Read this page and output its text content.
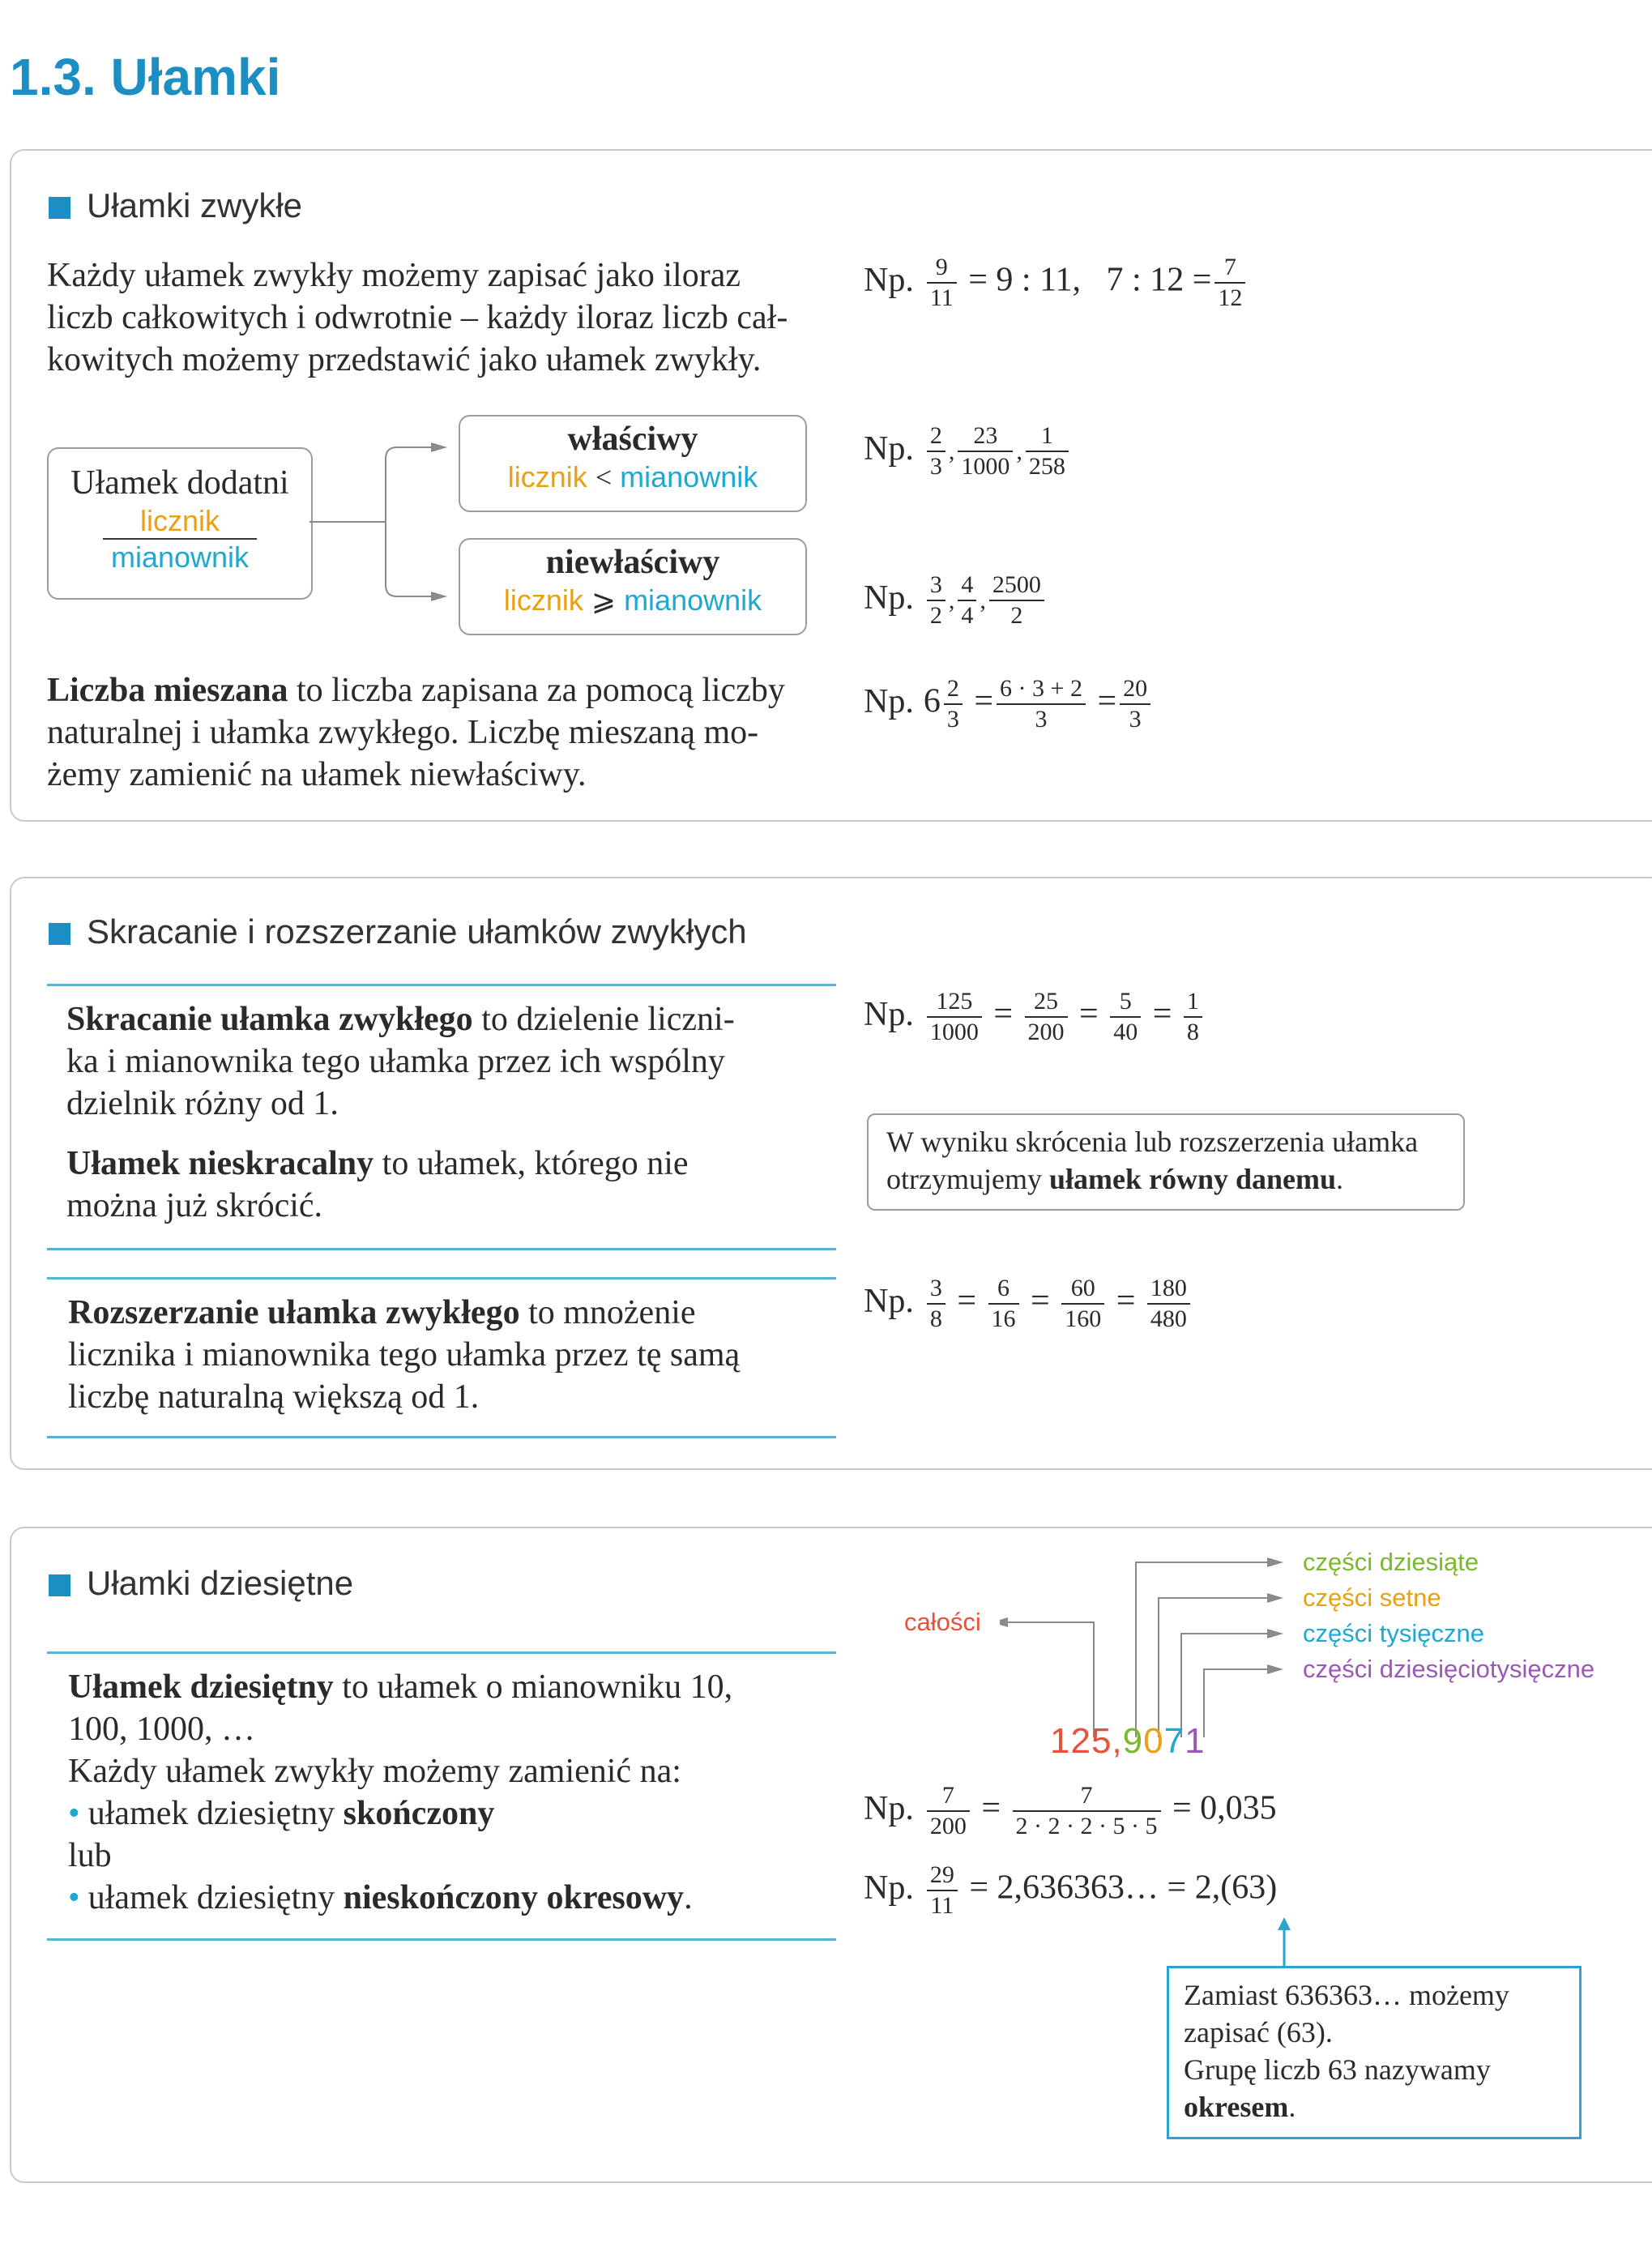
1.3. Ułamki
Ułamki zwykłe
Każdy ułamek zwykły możemy zapisać jako iloraz
liczb całkowitych i odwrotnie – każdy iloraz liczb cał-
kowitych możemy przedstawić jako ułamek zwykły.
Np. $\frac{9}{11} = 9$ : 11, 7 : $12 = \frac{7}{12}$
Ułamek dodatni
licznik
mianownik
właściwy
licznik < mianownik
niewłaściwy
licznik ⩾ mianownik
Np. $\frac{2}{3}$ , $\frac{23}{1000}$ , $\frac{1}{258}$
Np. $\frac{3}{2}$ , $\frac{4}{4}$ , $\frac{2500}{2}$
Liczba mieszana to liczba zapisana za pomocą liczby
naturalnej i ułamka zwykłego. Liczbę mieszaną mo-
żemy zamienić na ułamek niewłaściwy.
Np. $6 \frac{2}{3} = \frac{6 \cdot 3 + 2}{3} = \frac{20}{3}$
Skracanie i rozszerzanie ułamków zwykłych
Skracanie ułamka zwykłego to dzielenie liczni-
ka i mianownika tego ułamka przez ich wspólny
dzielnik różny od 1.
Ułamek nieskracalny to ułamek, którego nie
można już skrócić.
Rozszerzanie ułamka zwykłego to mnożenie
licznika i mianownika tego ułamka przez tę samą
liczbę naturalną większą od 1.
Np. $\frac{125}{1000} = \frac{25}{200} = \frac{5}{40} = \frac{1}{8}$
W wyniku skrócenia lub rozszerzenia ułamka
otrzymujemy ułamek równy danemu.
Np. $\frac{3}{8} = \frac{6}{16} = \frac{60}{160} = \frac{180}{480}$
Ułamki dziesiętne
Ułamek dziesiętny to ułamek o mianowniku 10,
100, 1000, …
Każdy ułamek zwykły możemy zamienić na:
• ułamek dziesiętny skończony
lub
• ułamek dziesiętny nieskończony okresowy.
całości
części dziesiąte
części setne
części tysięczne
części dziesięciotysięczne
125,9071
Np. $\frac{7}{200} = \frac{7}{2 \cdot 2 \cdot 2 \cdot 5 \cdot 5} = 0,035$
Np. $\frac{29}{11}$ = 2,636363… = 2,(63)
Zamiast 636363… możemy
zapisać (63).
Grupę liczb 63 nazywamy
okresem.
